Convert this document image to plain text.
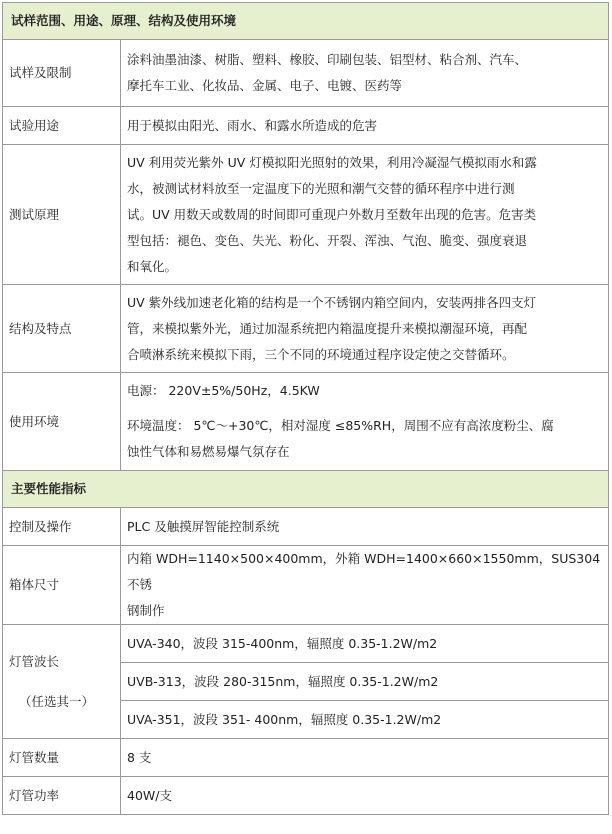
试样范围、用途、原理、结构及使用环境	
试样及限制	涂料油墨油漆、树脂、塑料、橡胶、印刷包装、铝型材、粘合剂、汽车、

摩托车工业、化妆品、金属、电子、电镀、医药等

试验用途	用于模拟由阳光、雨水、和露水所造成的危害
测试原理	UV 利用荧光紫外 UV 灯模拟阳光照射的效果，利用冷凝湿气模拟雨水和露

水，被测试材料放至一定温度下的光照和潮气交替的循环程序中进行测

试。UV 用数天或数周的时间即可重现户外数月至数年出现的危害。危害类

型包括：褪色、变色、失光、粉化、开裂、浑浊、气泡、脆变、强度衰退

和氧化。

结构及特点	UV 紫外线加速老化箱的结构是一个不锈钢内箱空间内，安装两排各四支灯

管，来模拟紫外光，通过加湿系统把内箱温度提升来模拟潮湿环境，再配

合喷淋系统来模拟下雨，三个不同的环境通过程序设定使之交替循环。

使用环境	电源： 220V±5%/50Hz，4.5KW

环境温度： 5℃～+30℃，相对湿度 ≤85%RH，周围不应有高浓度粉尘、腐

蚀性气体和易燃易爆气氛存在

主要性能指标	
控制及操作	PLC 及触摸屏智能控制系统
箱体尺寸	内箱 WDH=1140×500×400mm，外箱 WDH=1400×660×1550mm，SUS304 不锈

钢制作

灯管波长
（任选其一）	UVA-340，波段 315-400nm，辐照度 0.35-1.2W/m2
	UVB-313，波段 280-315nm，辐照度 0.35-1.2W/m2
	UVA-351，波段 351- 400nm，辐照度 0.35-1.2W/m2
灯管数量	8 支
灯管功率	40W/支
